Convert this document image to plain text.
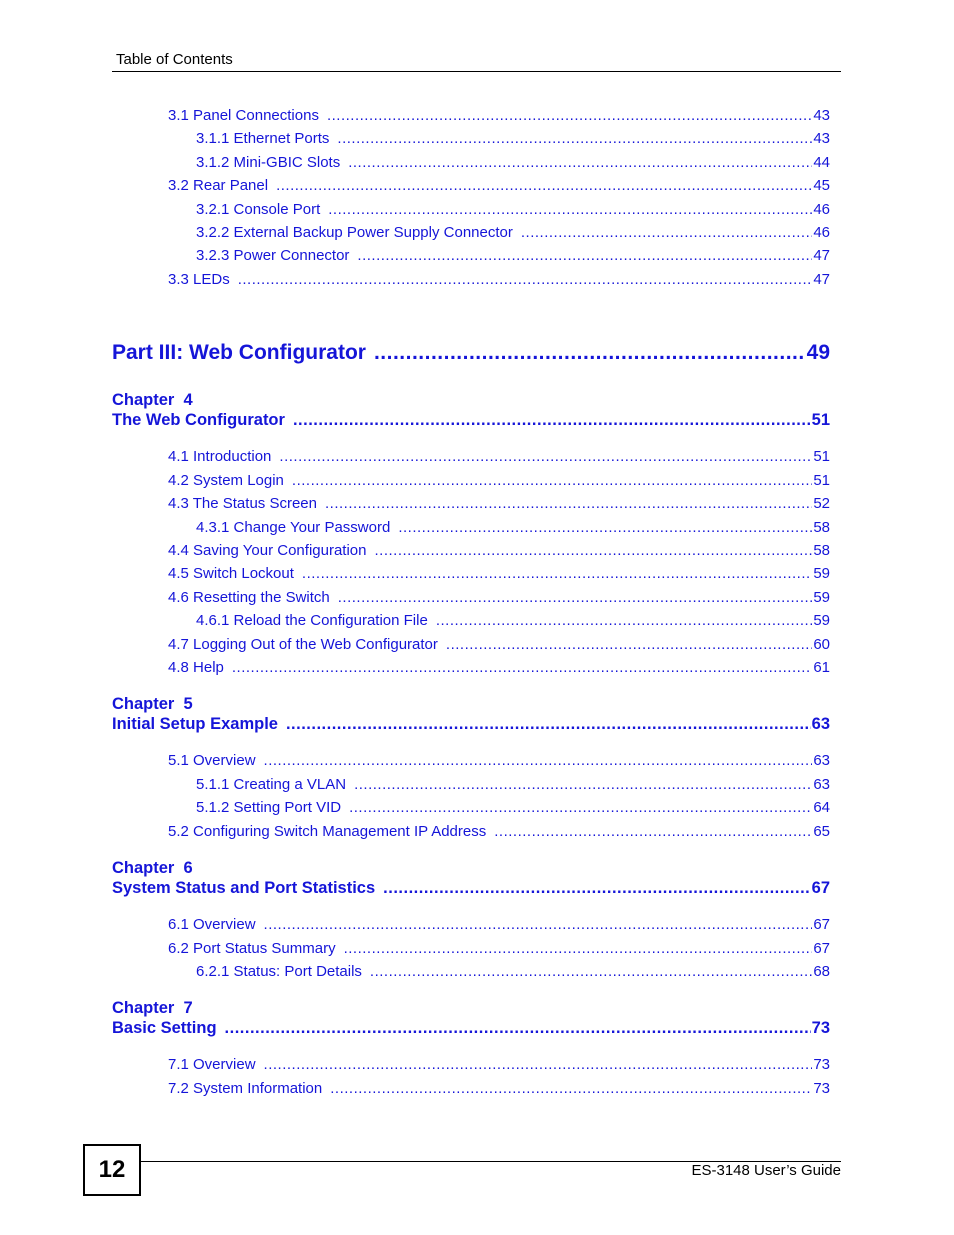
Table of Contents
3.1 Panel Connections .....	43
3.1.1 Ethernet Ports .....	43
3.1.2 Mini-GBIC Slots .....	44
3.2 Rear Panel .....	45
3.2.1 Console Port .....	46
3.2.2 External Backup Power Supply Connector .....	46
3.2.3 Power Connector .....	47
3.3 LEDs .....	47
Part III: Web Configurator .....	49
Chapter  4
The Web Configurator .....	51
4.1 Introduction .....	51
4.2 System Login .....	51
4.3 The Status Screen .....	52
4.3.1 Change Your Password .....	58
4.4 Saving Your Configuration .....	58
4.5 Switch Lockout .....	59
4.6 Resetting the Switch .....	59
4.6.1 Reload the Configuration File .....	59
4.7 Logging Out of the Web Configurator .....	60
4.8 Help .....	61
Chapter  5
Initial Setup Example .....	63
5.1 Overview .....	63
5.1.1 Creating a VLAN .....	63
5.1.2 Setting Port VID .....	64
5.2 Configuring Switch Management IP Address .....	65
Chapter  6
System Status and Port Statistics .....	67
6.1 Overview .....	67
6.2 Port Status Summary .....	67
6.2.1 Status: Port Details .....	68
Chapter  7
Basic Setting .....	73
7.1 Overview .....	73
7.2 System Information .....	73
12	ES-3148 User’s Guide
